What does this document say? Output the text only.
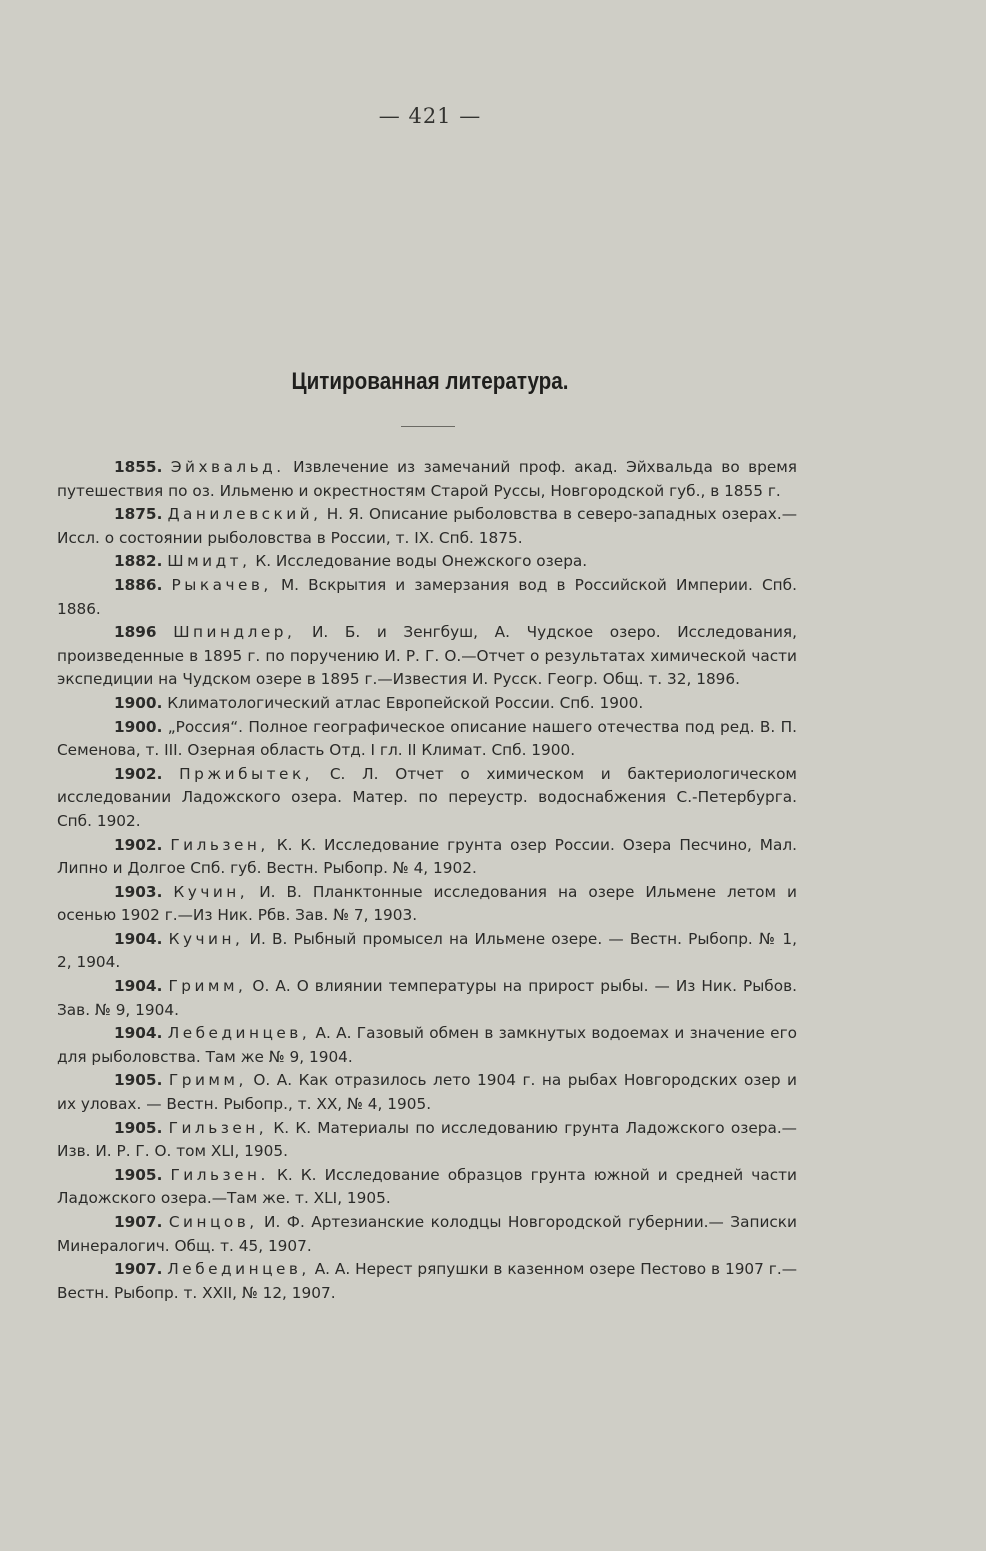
— 421 —
Цитированная литература.

1855. Эйхвальд. Извлечение из замечаний проф. акад. Эйхвальда во время путешествия по оз. Ильменю и окрестностям Старой Руссы, Новгородской губ., в 1855 г.

1875. Данилевский, Н. Я. Описание рыболовства в северо-западных озерах.—Иссл. о состоянии рыболовства в России, т. IX. Спб. 1875.

1882. Шмидт, К. Исследование воды Онежского озера.

1886. Рыкачев, М. Вскрытия и замерзания вод в Российской Империи. Спб. 1886.

1896 Шпиндлер, И. Б. и Зенгбуш, А. Чудское озеро. Исследования, произведенные в 1895 г. по поручению И. Р. Г. О.—Отчет о результатах химической части экспедиции на Чудском озере в 1895 г.—Известия И. Русск. Геогр. Общ. т. 32, 1896.

1900. Климатологический атлас Европейской России. Спб. 1900.

1900. „Россия“. Полное географическое описание нашего отечества под ред. В. П. Семенова, т. III. Озерная область Отд. I гл. II Климат. Спб. 1900.

1902. Пржибытек, С. Л. Отчет о химическом и бактериологическом исследовании Ладожского озера. Матер. по переустр. водоснабжения С.-Петербурга. Спб. 1902.

1902. Гильзен, К. К. Исследование грунта озер России. Озера Песчино, Мал. Липно и Долгое Спб. губ. Вестн. Рыбопр. № 4, 1902.

1903. Кучин, И. В. Планктонные исследования на озере Ильмене летом и осенью 1902 г.—Из Ник. Рбв. Зав. № 7, 1903.

1904. Кучин, И. В. Рыбный промысел на Ильмене озере. — Вестн. Рыбопр. № 1, 2, 1904.

1904. Гримм, О. А. О влиянии температуры на прирост рыбы. — Из Ник. Рыбов. Зав. № 9, 1904.

1904. Лебединцев, А. А. Газовый обмен в замкнутых водоемах и значение его для рыболовства. Там же № 9, 1904.

1905. Гримм, О. А. Как отразилось лето 1904 г. на рыбах Новгородских озер и их уловах. — Вестн. Рыбопр., т. XX, № 4, 1905.

1905. Гильзен, К. К. Материалы по исследованию грунта Ладожского озера.—Изв. И. Р. Г. О. том XLI, 1905.

1905. Гильзен. К. К. Исследование образцов грунта южной и средней части Ладожского озера.—Там же. т. XLI, 1905.

1907. Синцов, И. Ф. Артезианские колодцы Новгородской губернии.— Записки Минералогич. Общ. т. 45, 1907.

1907. Лебединцев, А. А. Нерест ряпушки в казенном озере Пестово в 1907 г.—Вестн. Рыбопр. т. XXII, № 12, 1907.
